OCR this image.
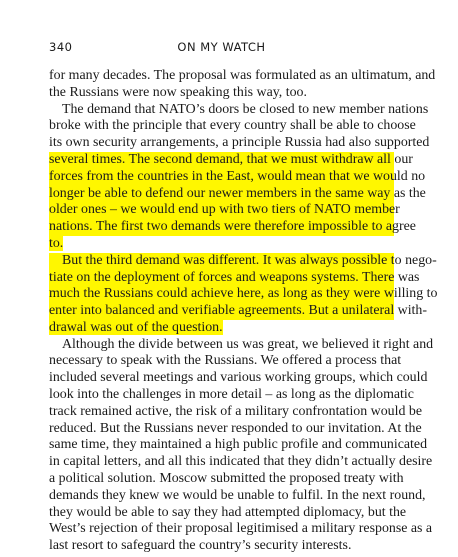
340	ON MY WATCH
for many decades. The proposal was formulated as an ultimatum, and
the Russians were now speaking this way, too.
The demand that NATO’s doors be closed to new member nations
broke with the principle that every country shall be able to choose
its own security arrangements, a principle Russia had also supported
several times. The second demand, that we must withdraw all our
forces from the countries in the East, would mean that we would no
longer be able to defend our newer members in the same way as the
older ones – we would end up with two tiers of NATO member
nations. The first two demands were therefore impossible to agree
to.
But the third demand was different. It was always possible to nego-
tiate on the deployment of forces and weapons systems. There was
much the Russians could achieve here, as long as they were willing to
enter into balanced and verifiable agreements. But a unilateral with-
drawal was out of the question.
Although the divide between us was great, we believed it right and
necessary to speak with the Russians. We offered a process that
included several meetings and various working groups, which could
look into the challenges in more detail – as long as the diplomatic
track remained active, the risk of a military confrontation would be
reduced. But the Russians never responded to our invitation. At the
same time, they maintained a high public profile and communicated
in capital letters, and all this indicated that they didn’t actually desire
a political solution. Moscow submitted the proposed treaty with
demands they knew we would be unable to fulfil. In the next round,
they would be able to say they had attempted diplomacy, but the
West’s rejection of their proposal legitimised a military response as a
last resort to safeguard the country’s security interests.
